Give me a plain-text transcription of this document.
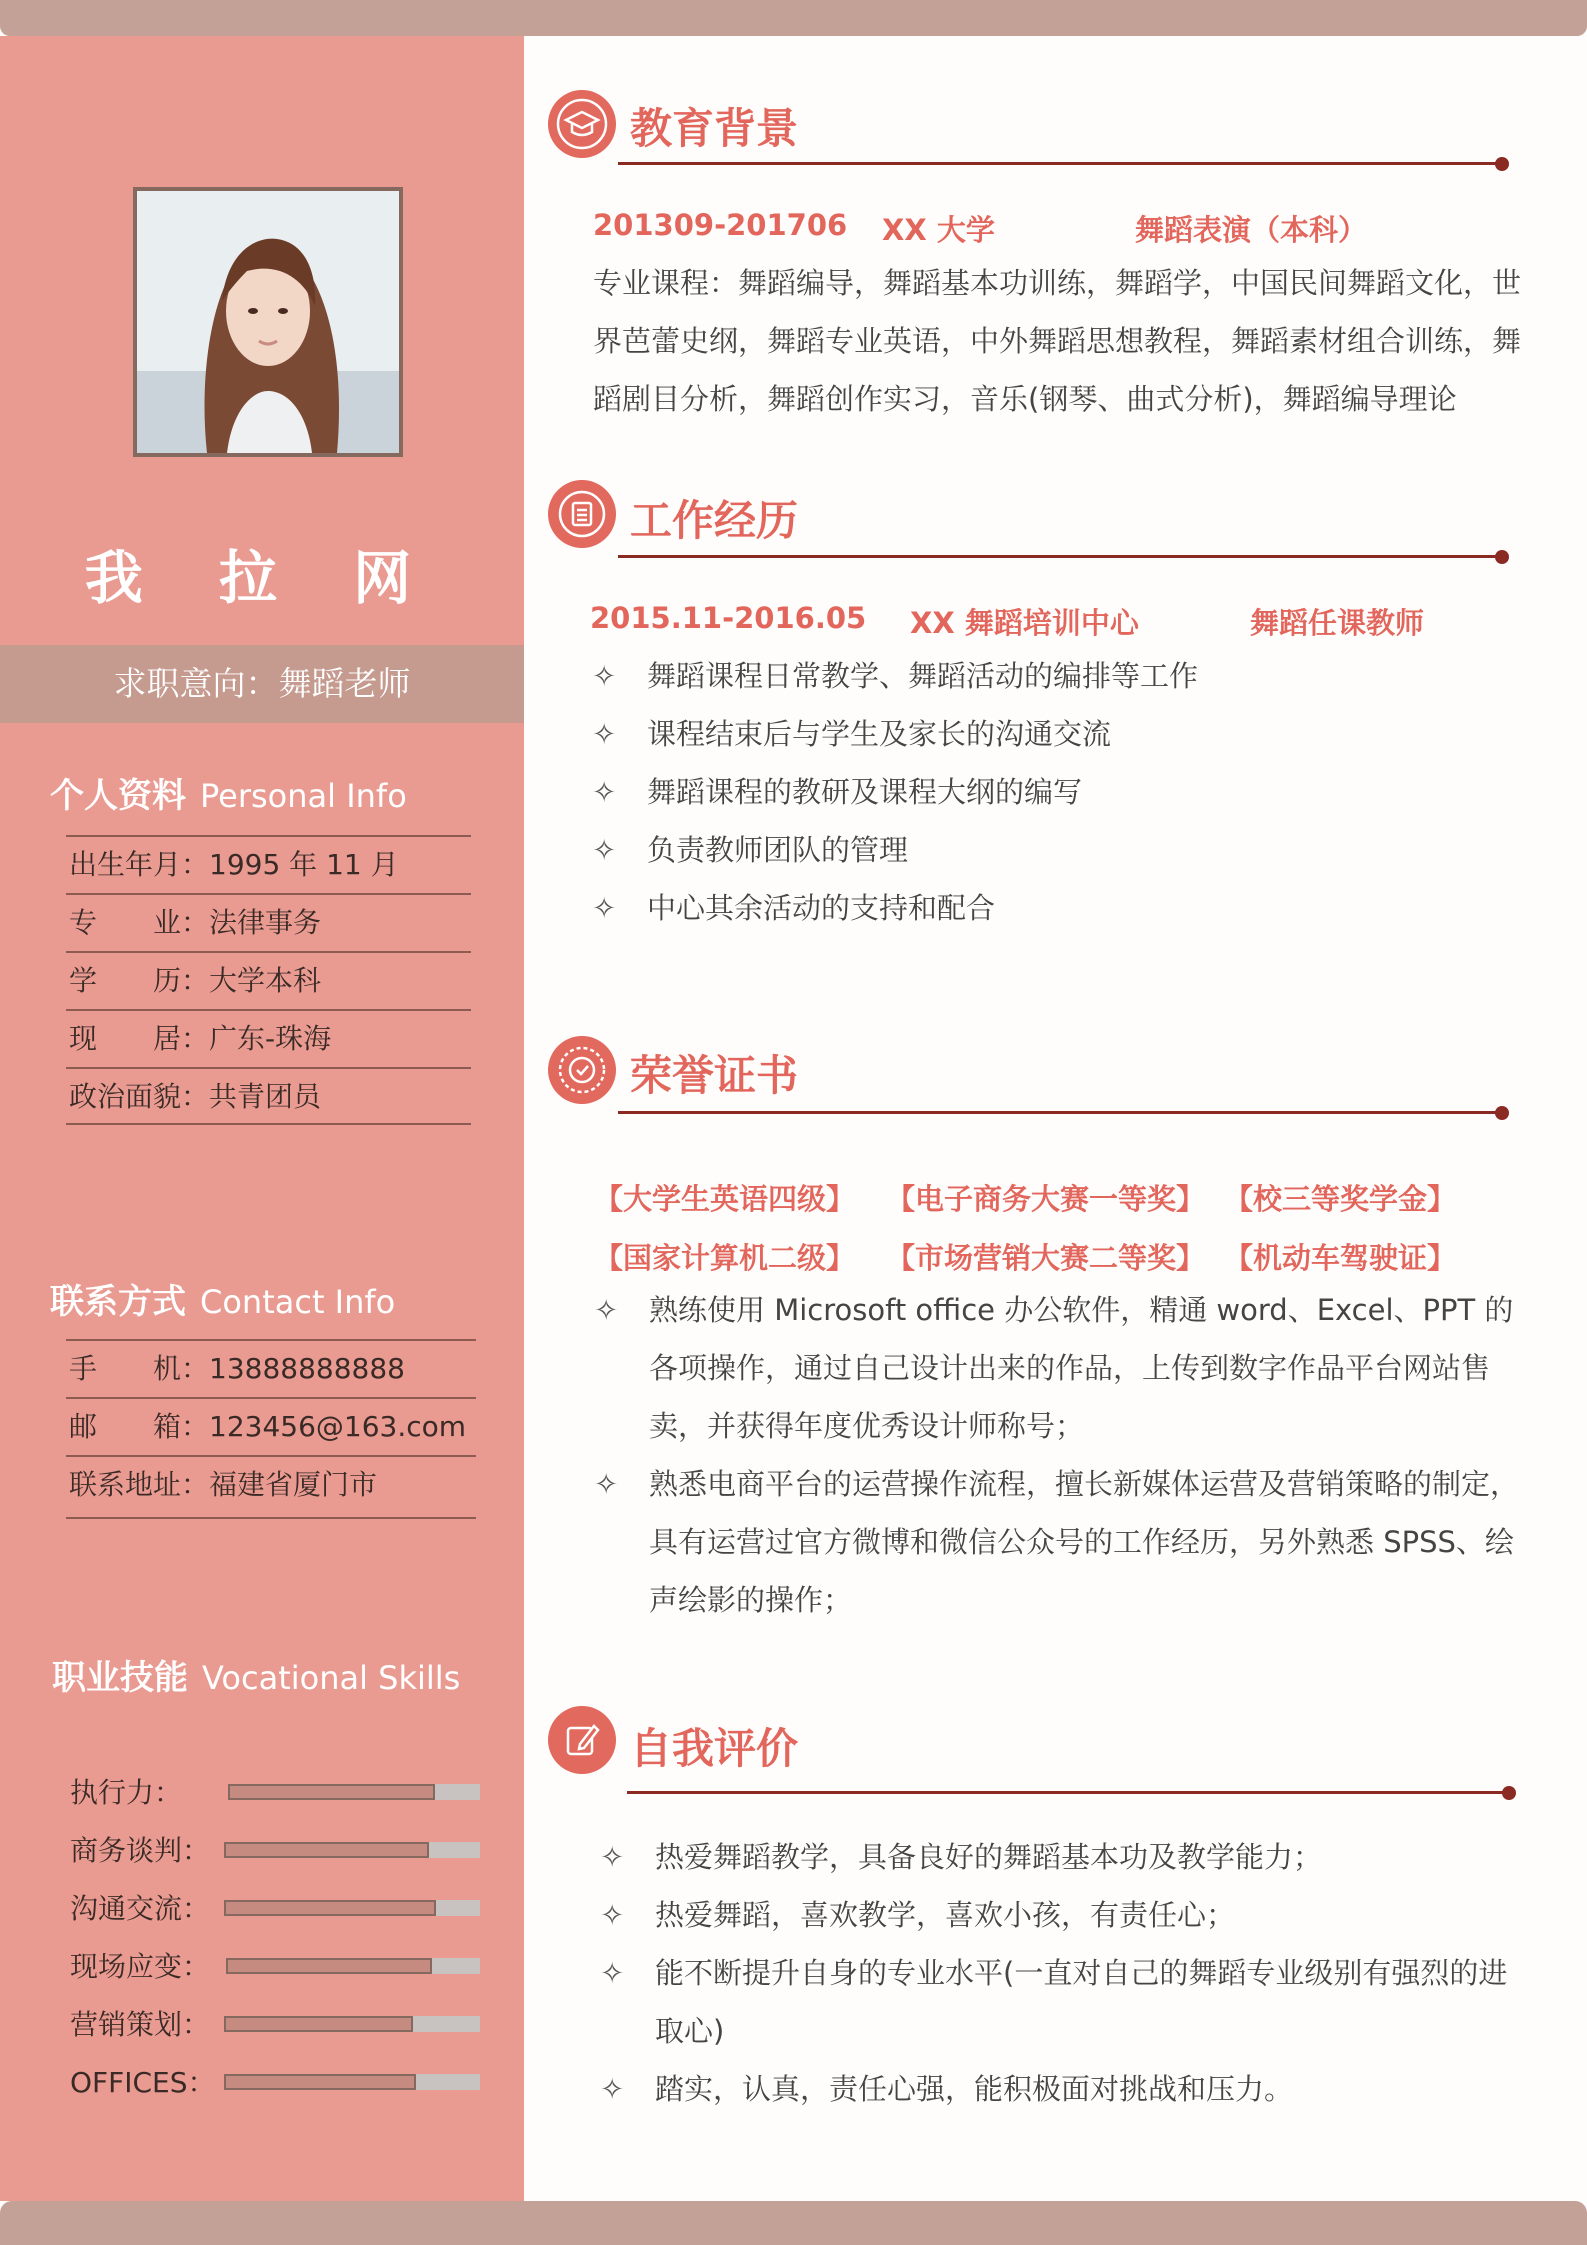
我 拉 网
求职意向：舞蹈老师
个人资料 Personal Info
出生年月：1995 年 11 月
专　　业：法律事务
学　　历：大学本科
现　　居：广东-珠海
政治面貌：共青团员
联系方式 Contact Info
手　　机：13888888888
邮　　箱：123456@163.com
联系地址：福建省厦门市
职业技能 Vocational Skills
执行力：
商务谈判：
沟通交流：
现场应变：
营销策划：
OFFICES：
教育背景
201309-201706 XX 大学	舞蹈表演（本科）
专业课程：舞蹈编导，舞蹈基本功训练，舞蹈学，中国民间舞蹈文化，世界芭蕾史纲，舞蹈专业英语，中外舞蹈思想教程，舞蹈素材组合训练，舞蹈剧目分析，舞蹈创作实习，音乐(钢琴、曲式分析)，舞蹈编导理论
工作经历
2015.11-2016.05 XX 舞蹈培训中心	舞蹈任课教师
✧ 舞蹈课程日常教学、舞蹈活动的编排等工作
✧ 课程结束后与学生及家长的沟通交流
✧ 舞蹈课程的教研及课程大纲的编写
✧ 负责教师团队的管理
✧ 中心其余活动的支持和配合
荣誉证书
【大学生英语四级】 【电子商务大赛一等奖】 【校三等奖学金】
【国家计算机二级】 【市场营销大赛二等奖】 【机动车驾驶证】
✧ 熟练使用 Microsoft office 办公软件，精通 word、Excel、PPT 的各项操作，通过自己设计出来的作品，上传到数字作品平台网站售卖，并获得年度优秀设计师称号；
✧ 熟悉电商平台的运营操作流程，擅长新媒体运营及营销策略的制定，具有运营过官方微博和微信公众号的工作经历，另外熟悉 SPSS、绘声绘影的操作；
自我评价
✧ 热爱舞蹈教学，具备良好的舞蹈基本功及教学能力；
✧ 热爱舞蹈，喜欢教学，喜欢小孩，有责任心；
✧ 能不断提升自身的专业水平(一直对自己的舞蹈专业级别有强烈的进取心)
✧ 踏实，认真，责任心强，能积极面对挑战和压力。
